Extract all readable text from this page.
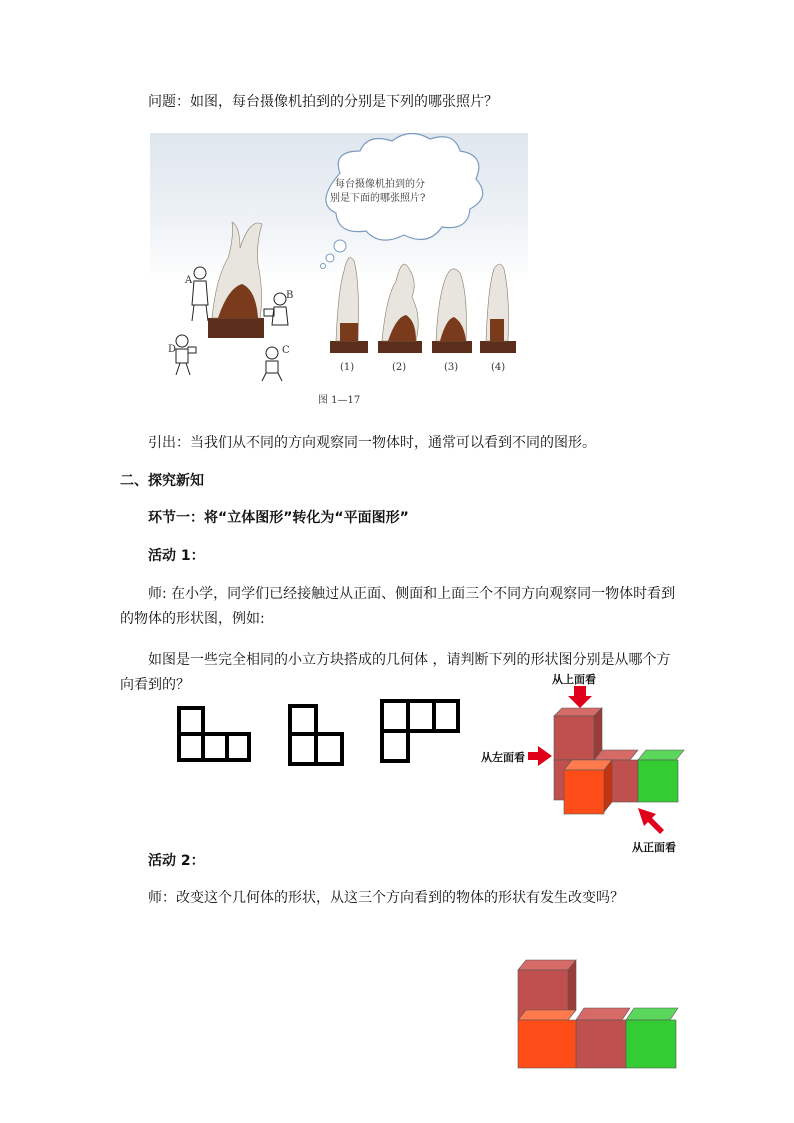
问题：如图，每台摄像机拍到的分别是下列的哪张照片？
每台摄像机拍到的分
别是下面的哪张照片?
A
B
C
D
(1)	(2)	(3)	(4)
图 1—17
引出：当我们从不同的方向观察同一物体时，通常可以看到不同的图形。
二、探究新知
环节一：将“立体图形”转化为“平面图形”
活动 1：
师: 在小学，同学们已经接触过从正面、侧面和上面三个不同方向观察同一物体时看到
的物体的形状图，例如:
如图是一些完全相同的小立方块搭成的几何体 ，请判断下列的形状图分别是从哪个方
向看到的？	从上面看
从左面看
从正面看
活动 2：
师：改变这个几何体的形状，从这三个方向看到的物体的形状有发生改变吗？
